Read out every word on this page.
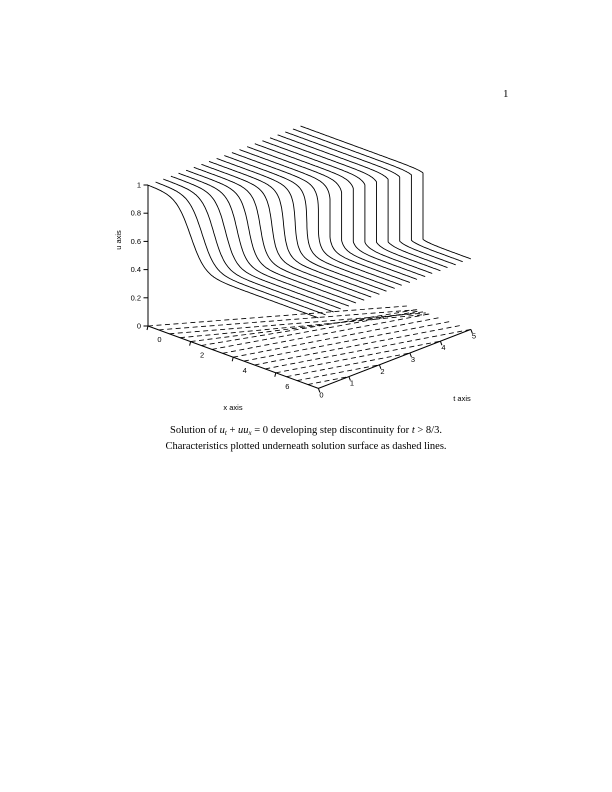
1
0
0.2
0.4
0.6
0.8
1
0
2
4
6
0
1
2
3
4
5
x axis
t axis
u axis
Solution of ut + uux = 0 developing step discontinuity for t > 8/3.
Characteristics plotted underneath solution surface as dashed lines.
